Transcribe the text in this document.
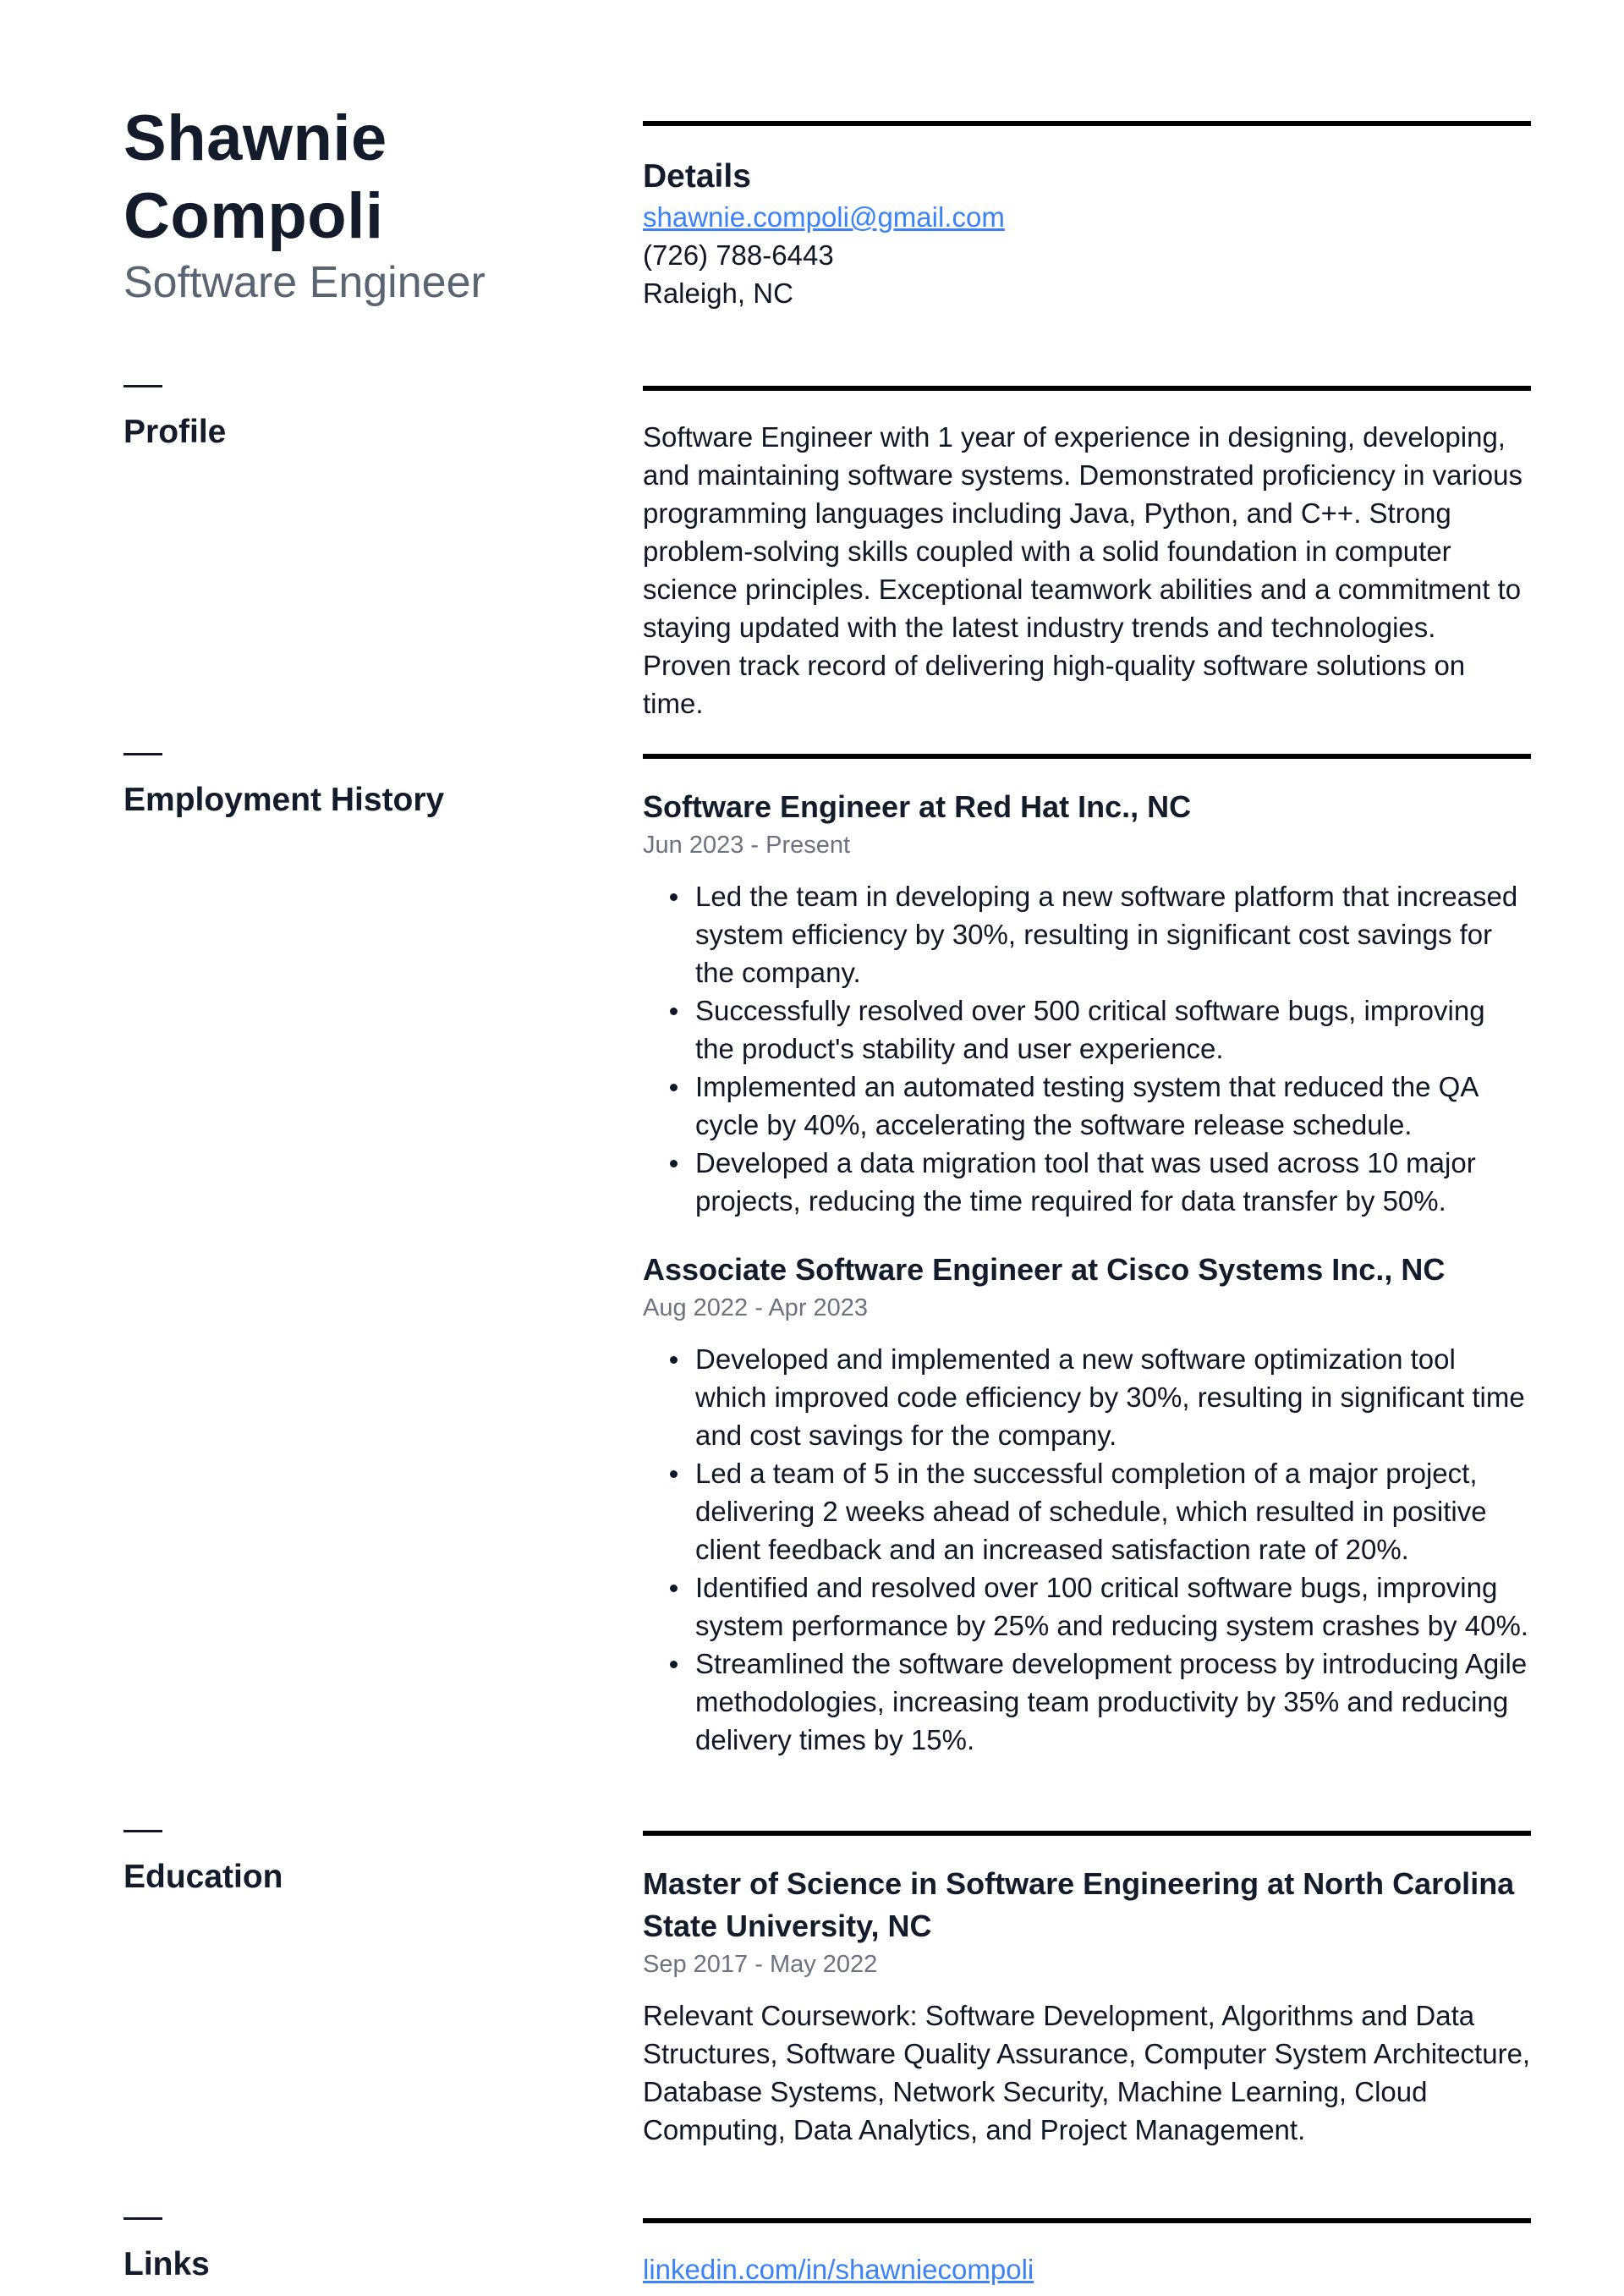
Shawnie
Compoli
Software Engineer
Details
shawnie.compoli@gmail.com
(726) 788-6443
Raleigh, NC
Profile	Software Engineer with 1 year of experience in designing, developing, and maintaining software systems. Demonstrated proficiency in various programming languages including Java, Python, and C++. Strong problem-solving skills coupled with a solid foundation in computer science principles. Exceptional teamwork abilities and a commitment to staying updated with the latest industry trends and technologies. Proven track record of delivering high-quality software solutions on time.
Employment History	Software Engineer at Red Hat Inc., NC
Jun 2023 - Present
Led the team in developing a new software platform that increased system efficiency by 30%, resulting in significant cost savings for the company.
Successfully resolved over 500 critical software bugs, improving the product's stability and user experience.
Implemented an automated testing system that reduced the QA cycle by 40%, accelerating the software release schedule.
Developed a data migration tool that was used across 10 major projects, reducing the time required for data transfer by 50%.
Associate Software Engineer at Cisco Systems Inc., NC
Aug 2022 - Apr 2023
Developed and implemented a new software optimization tool which improved code efficiency by 30%, resulting in significant time and cost savings for the company.
Led a team of 5 in the successful completion of a major project, delivering 2 weeks ahead of schedule, which resulted in positive client feedback and an increased satisfaction rate of 20%.
Identified and resolved over 100 critical software bugs, improving system performance by 25% and reducing system crashes by 40%.
Streamlined the software development process by introducing Agile methodologies, increasing team productivity by 35% and reducing delivery times by 15%.
Education	Master of Science in Software Engineering at North Carolina State University, NC
Sep 2017 - May 2022
Relevant Coursework: Software Development, Algorithms and Data Structures, Software Quality Assurance, Computer System Architecture, Database Systems, Network Security, Machine Learning, Cloud Computing, Data Analytics, and Project Management.
Links	linkedin.com/in/shawniecompoli
